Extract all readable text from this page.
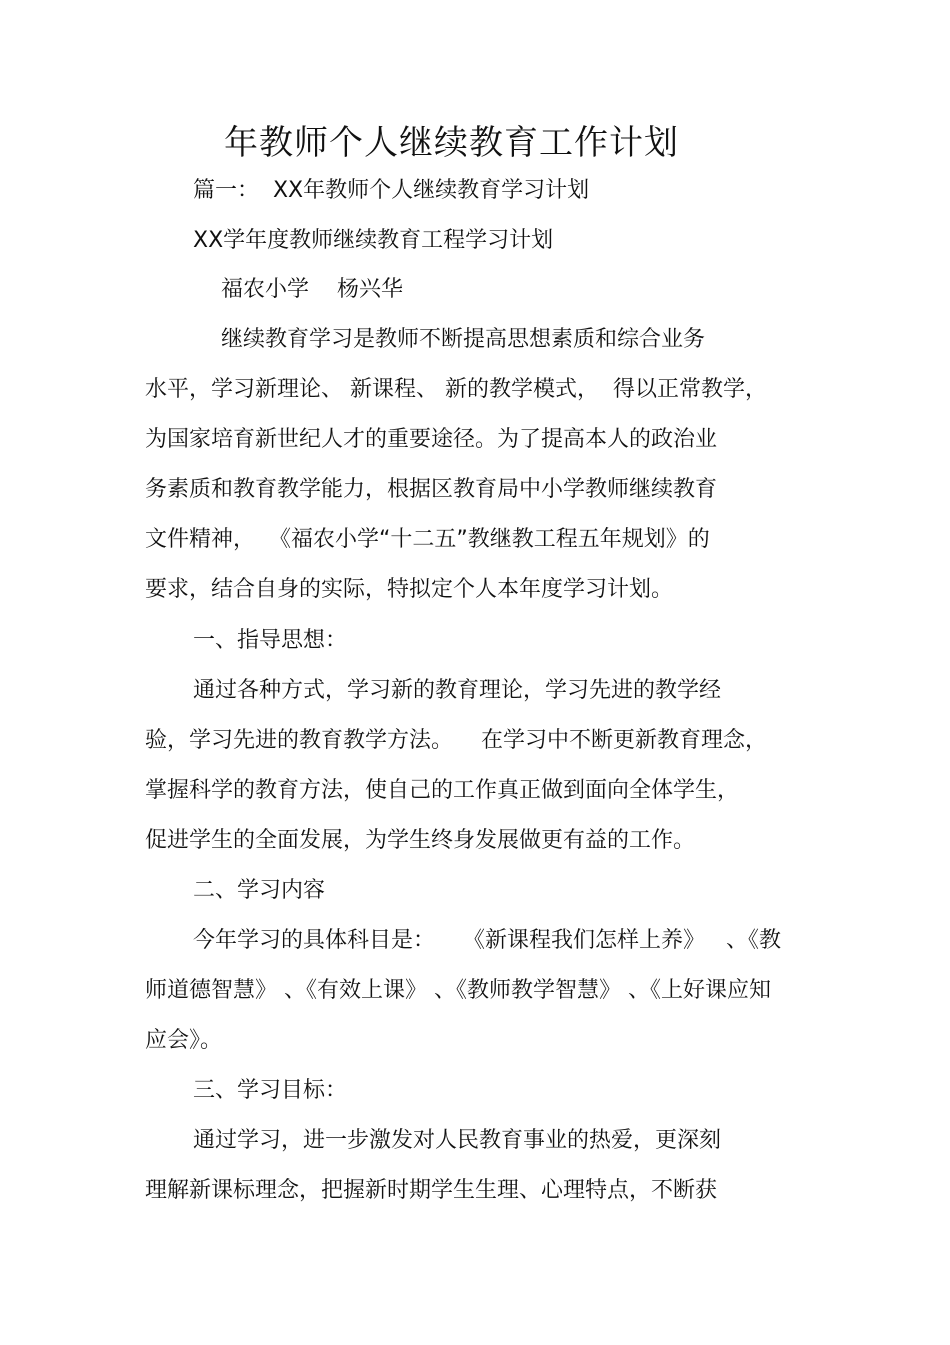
年教师个人继续教育工作计划
篇一：  XX年教师个人继续教育学习计划
XX学年度教师继续教育工程学习计划
福农小学    杨兴华
继续教育学习是教师不断提高思想素质和综合业务
水平，学习新理论、 新课程、 新的教学模式，  得以正常教学，
为国家培育新世纪人才的重要途径。为了提高本人的政治业
务素质和教育教学能力，根据区教育局中小学教师继续教育
文件精神，  《福农小学“十二五”教继教工程五年规划》的
要求，结合自身的实际，特拟定个人本年度学习计划。
一、指导思想：
通过各种方式，学习新的教育理论，学习先进的教学经
验，学习先进的教育教学方法。    在学习中不断更新教育理念，
掌握科学的教育方法，使自己的工作真正做到面向全体学生，
促进学生的全面发展，为学生终身发展做更有益的工作。
二、学习内容
今年学习的具体科目是：    《新课程我们怎样上养》   、《教
师道德智慧》 、《有效上课》 、《教师教学智慧》 、《上好课应知
应会》。
三、学习目标：
通过学习，进一步激发对人民教育事业的热爱，更深刻
理解新课标理念，把握新时期学生生理、心理特点，不断获
